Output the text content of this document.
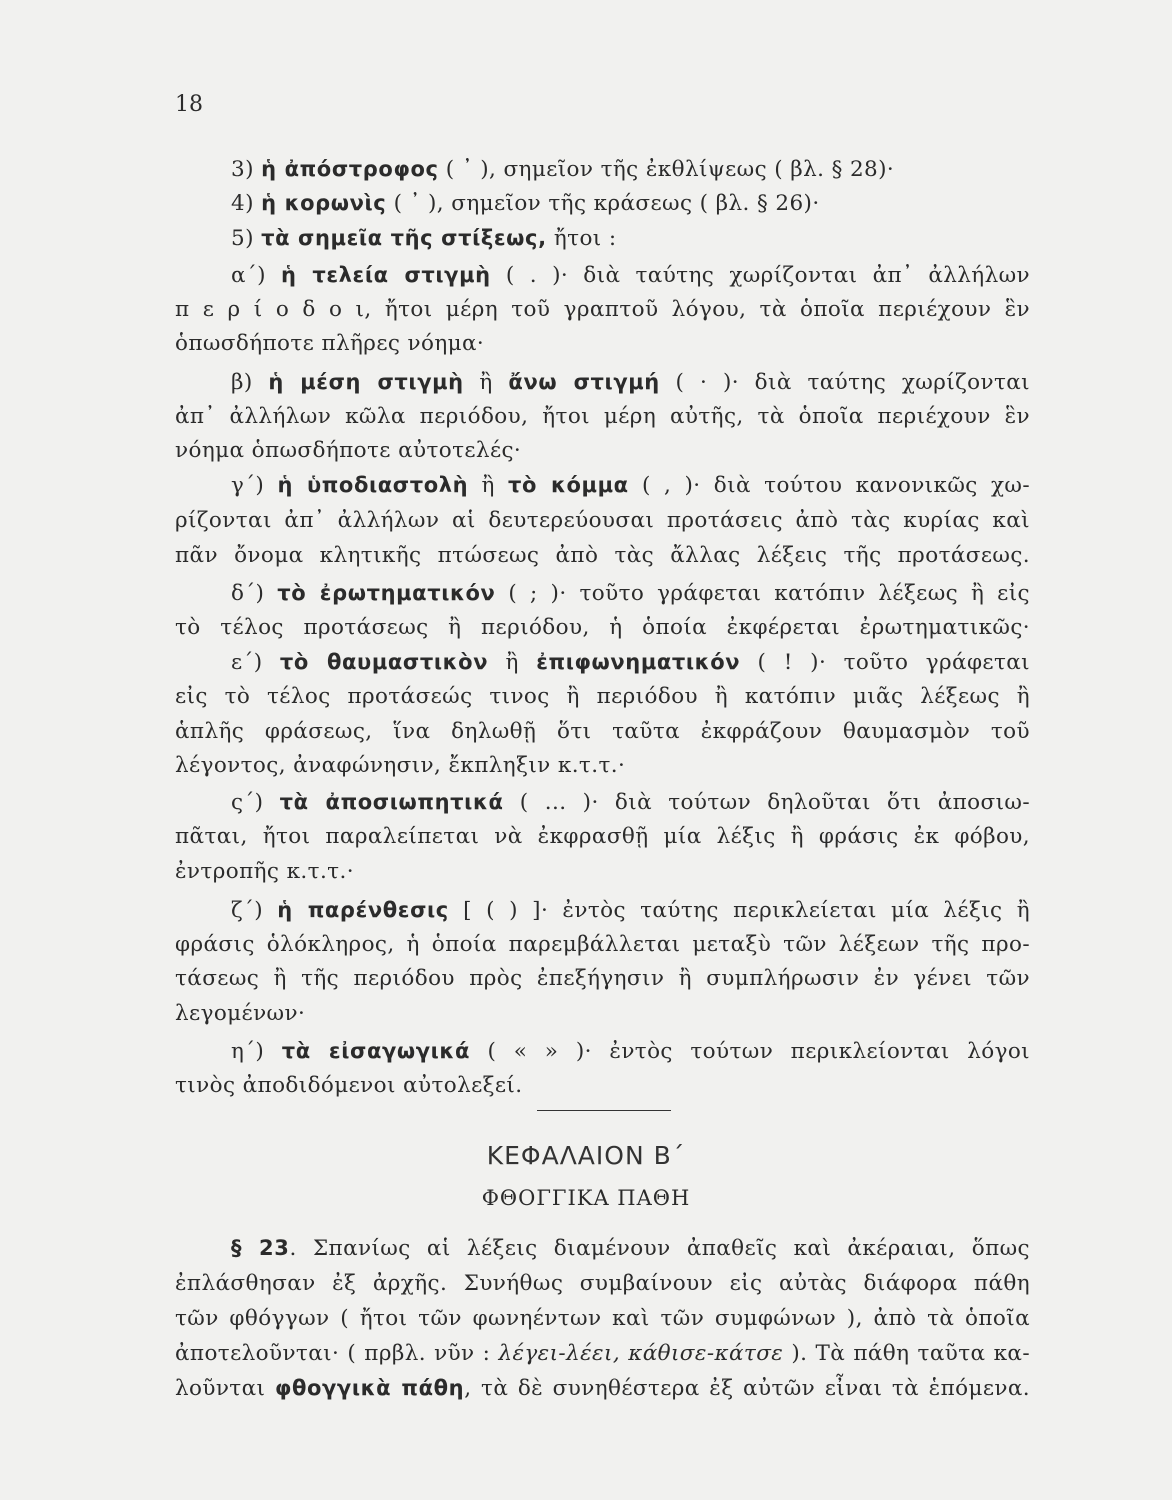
18
3) ἡ ἀπόστροφος ( ᾿ ), σημεῖον τῆς ἐκθλίψεως ( βλ. § 28)·
4) ἡ κορωνὶς ( ᾿ ), σημεῖον τῆς κράσεως ( βλ. § 26)·
5) τὰ σημεῖα τῆς στίξεως, ἤτοι :
α΄) ἡ τελεία στιγμὴ ( . )· διὰ ταύτης χωρίζονται ἀπ᾿ ἀλλήλων
π ε ρ ί ο δ ο ι, ἤτοι μέρη τοῦ γραπτοῦ λόγου, τὰ ὁποῖα περιέχουν ἓν
ὁπωσδήποτε πλῆρες νόημα·
β) ἡ μέση στιγμὴ ἢ ἄνω στιγμή ( · )· διὰ ταύτης χωρίζονται
ἀπ᾿ ἀλλήλων κῶλα περιόδου, ἤτοι μέρη αὐτῆς, τὰ ὁποῖα περιέχουν ἓν
νόημα ὁπωσδήποτε αὐτοτελές·
γ΄) ἡ ὑποδιαστολὴ ἢ τὸ κόμμα ( , )· διὰ τούτου κανονικῶς χω-
ρίζονται ἀπ᾿ ἀλλήλων αἱ δευτερεύουσαι προτάσεις ἀπὸ τὰς κυρίας καὶ
πᾶν ὄνομα κλητικῆς πτώσεως ἀπὸ τὰς ἄλλας λέξεις τῆς προτάσεως.
δ΄) τὸ ἐρωτηματικόν ( ; )· τοῦτο γράφεται κατόπιν λέξεως ἢ εἰς
τὸ τέλος προτάσεως ἢ περιόδου, ἡ ὁποία ἐκφέρεται ἐρωτηματικῶς·
ε΄) τὸ θαυμαστικὸν ἢ ἐπιφωνηματικόν ( ! )· τοῦτο γράφεται
εἰς τὸ τέλος προτάσεώς τινος ἢ περιόδου ἢ κατόπιν μιᾶς λέξεως ἢ
ἁπλῆς φράσεως, ἵνα δηλωθῇ ὅτι ταῦτα ἐκφράζουν θαυμασμὸν τοῦ
λέγοντος, ἀναφώνησιν, ἔκπληξιν κ.τ.τ.·
ς΄) τὰ ἀποσιωπητικά ( ... )· διὰ τούτων δηλοῦται ὅτι ἀποσιω-
πᾶται, ἤτοι παραλείπεται νὰ ἐκφρασθῇ μία λέξις ἢ φράσις ἐκ φόβου,
ἐντροπῆς κ.τ.τ.·
ζ΄) ἡ παρένθεσις [ ( ) ]· ἐντὸς ταύτης περικλείεται μία λέξις ἢ
φράσις ὁλόκληρος, ἡ ὁποία παρεμβάλλεται μεταξὺ τῶν λέξεων τῆς προ-
τάσεως ἢ τῆς περιόδου πρὸς ἐπεξήγησιν ἢ συμπλήρωσιν ἐν γένει τῶν
λεγομένων·
η΄) τὰ εἰσαγωγικά ( « » )· ἐντὸς τούτων περικλείονται λόγοι
τινὸς ἀποδιδόμενοι αὐτολεξεί.
§ 23. Σπανίως αἱ λέξεις διαμένουν ἀπαθεῖς καὶ ἀκέραιαι, ὅπως
ἐπλάσθησαν ἐξ ἀρχῆς. Συνήθως συμβαίνουν εἰς αὐτὰς διάφορα πάθη
τῶν φθόγγων ( ἤτοι τῶν φωνηέντων καὶ τῶν συμφώνων ), ἀπὸ τὰ ὁποῖα
ἀποτελοῦνται· ( πρβλ. νῦν : λέγει-λέει, κάθισε-κάτσε ). Τὰ πάθη ταῦτα κα-
λοῦνται φθογγικὰ πάθη, τὰ δὲ συνηθέστερα ἐξ αὐτῶν εἶναι τὰ ἑπόμενα.
ΚΕΦΑΛΑΙΟΝ Β΄
ΦΘΟΓΓΙΚΑ ΠΑΘΗ
